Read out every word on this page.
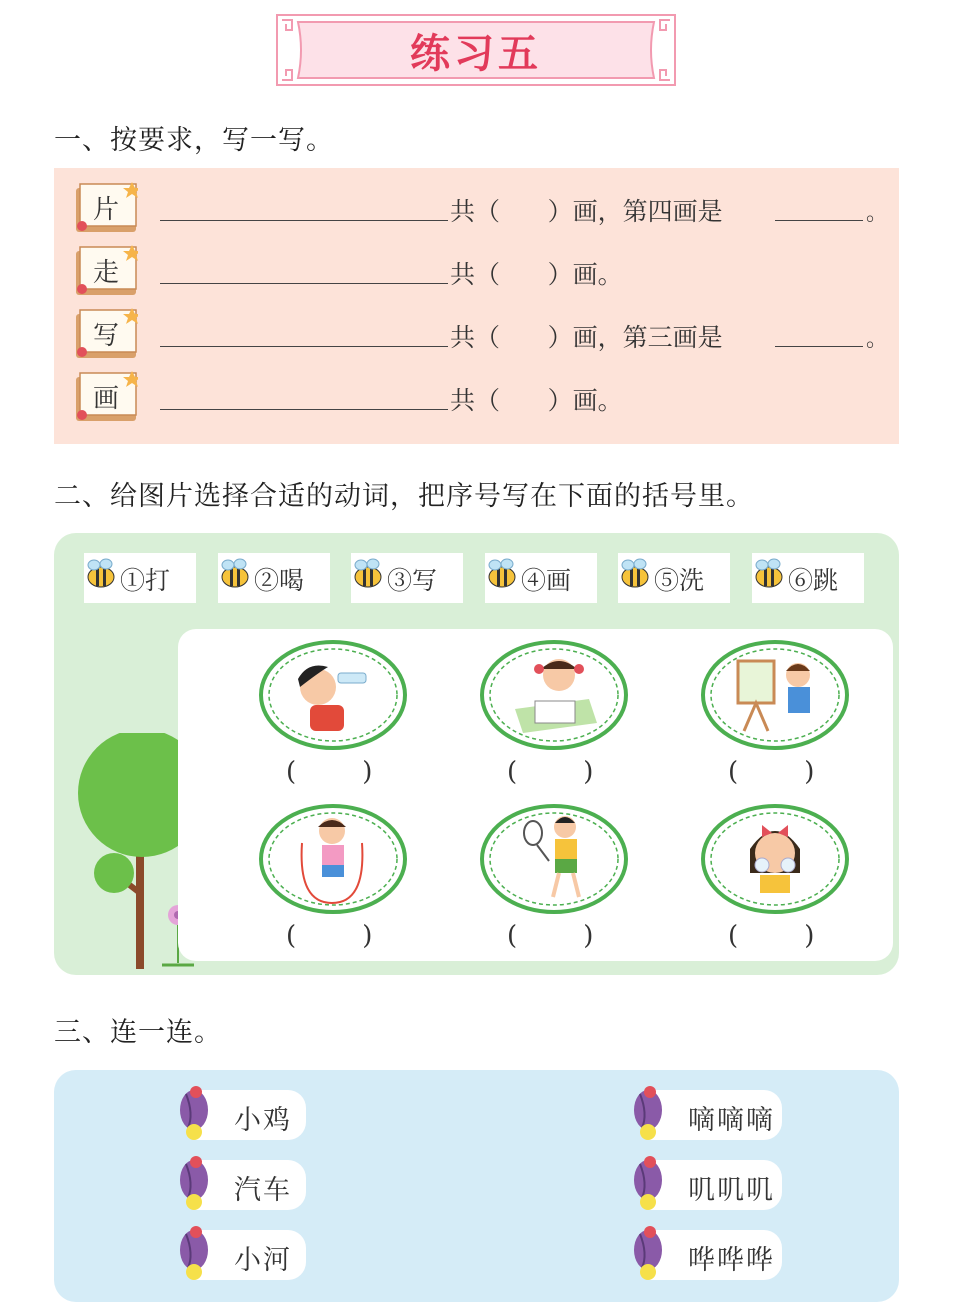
练习五
一、按要求，写一写。
片	共（      ）画，第四画是	。
走	共（      ）画。
写	共（      ）画，第三画是	。
画	共（      ）画。
二、给图片选择合适的动词，把序号写在下面的括号里。
①打	②喝	③写	④画	⑤洗	⑥跳
(        )	(        )	(        )
(        )	(        )	(        )
三、连一连。
小鸡
汽车
小河
嘀嘀嘀
叽叽叽
哗哗哗
